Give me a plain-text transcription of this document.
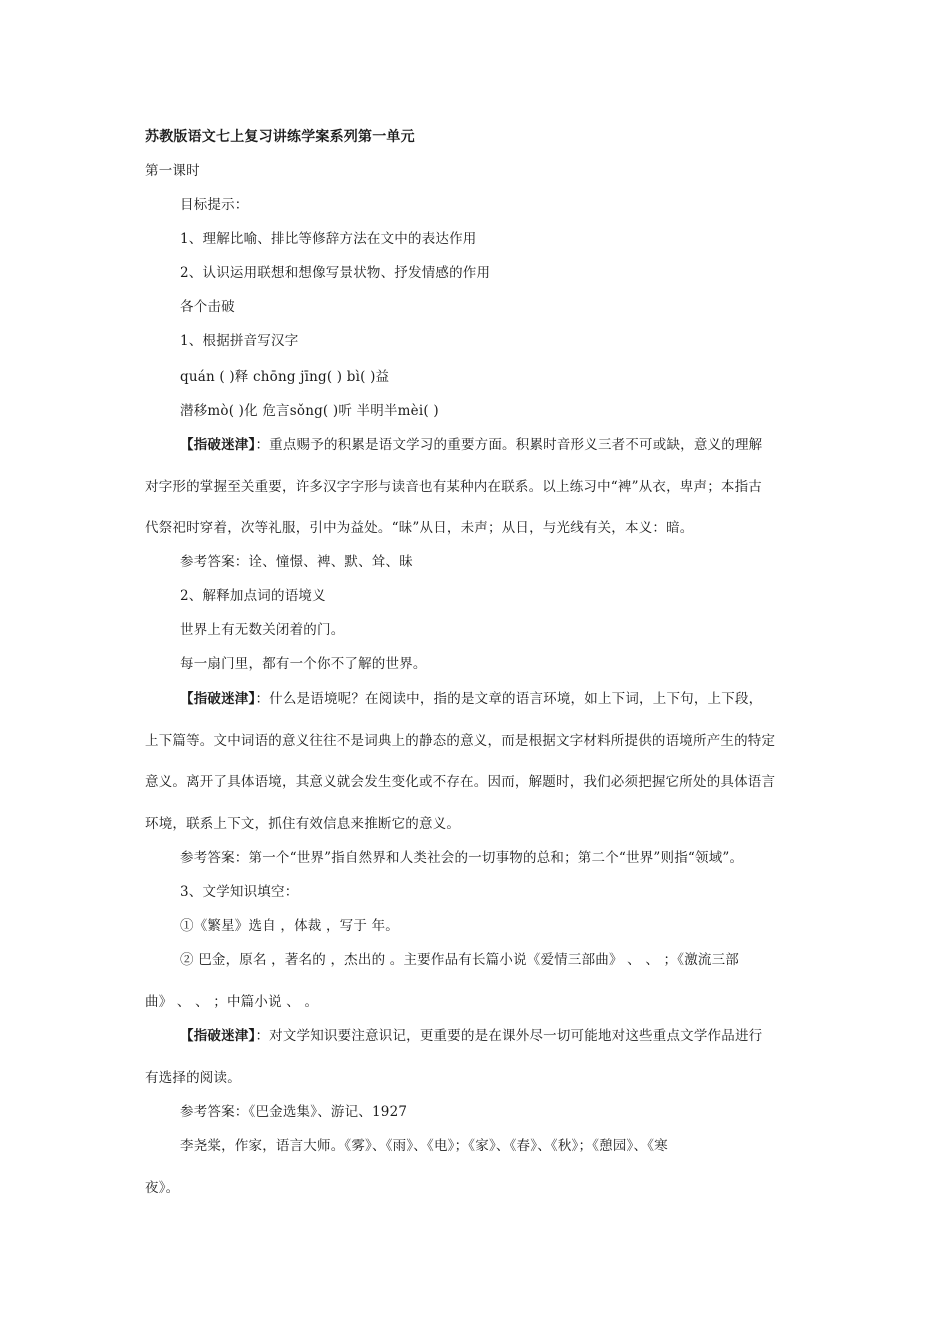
苏教版语文七上复习讲练学案系列第一单元
第一课时
目标提示：
1、理解比喻、排比等修辞方法在文中的表达作用
2、认识运用联想和想像写景状物、抒发情感的作用
各个击破
1、根据拼音写汉字
quán ( )释 chōng jīng( ) bì( )益
潜移mò( )化 危言sǒng( )听 半明半mèi( )
【指破迷津】：重点赐予的积累是语文学习的重要方面。积累时音形义三者不可或缺，意义的理解
对字形的掌握至关重要，许多汉字字形与读音也有某种内在联系。以上练习中“裨”从衣，卑声；本指古
代祭祀时穿着，次等礼服，引中为益处。“昧”从日，未声；从日，与光线有关，本义：暗。
参考答案：诠、憧憬、裨、默、耸、昧
2、解释加点词的语境义
世界上有无数关闭着的门。
每一扇门里，都有一个你不了解的世界。
【指破迷津】：什么是语境呢？在阅读中，指的是文章的语言环境，如上下词，上下句，上下段，
上下篇等。文中词语的意义往往不是词典上的静态的意义，而是根据文字材料所提供的语境所产生的特定
意义。离开了具体语境，其意义就会发生变化或不存在。因而，解题时，我们必须把握它所处的具体语言
环境，联系上下文，抓住有效信息来推断它的意义。
参考答案：第一个“世界”指自然界和人类社会的一切事物的总和；第二个“世界”则指“领域”。
3、文学知识填空：
①《繁星》选自 ，体裁 ，写于 年。
② 巴金，原名 ，著名的 ，杰出的 。主要作品有长篇小说《爱情三部曲》 、 、 ；《激流三部
曲》 、 、 ；中篇小说 、 。
【指破迷津】：对文学知识要注意识记，更重要的是在课外尽一切可能地对这些重点文学作品进行
有选择的阅读。
参考答案：《巴金选集》、游记、1927
李尧棠，作家，语言大师。《雾》、《雨》、《电》；《家》、《春》、《秋》；《憩园》、《寒
夜》。
